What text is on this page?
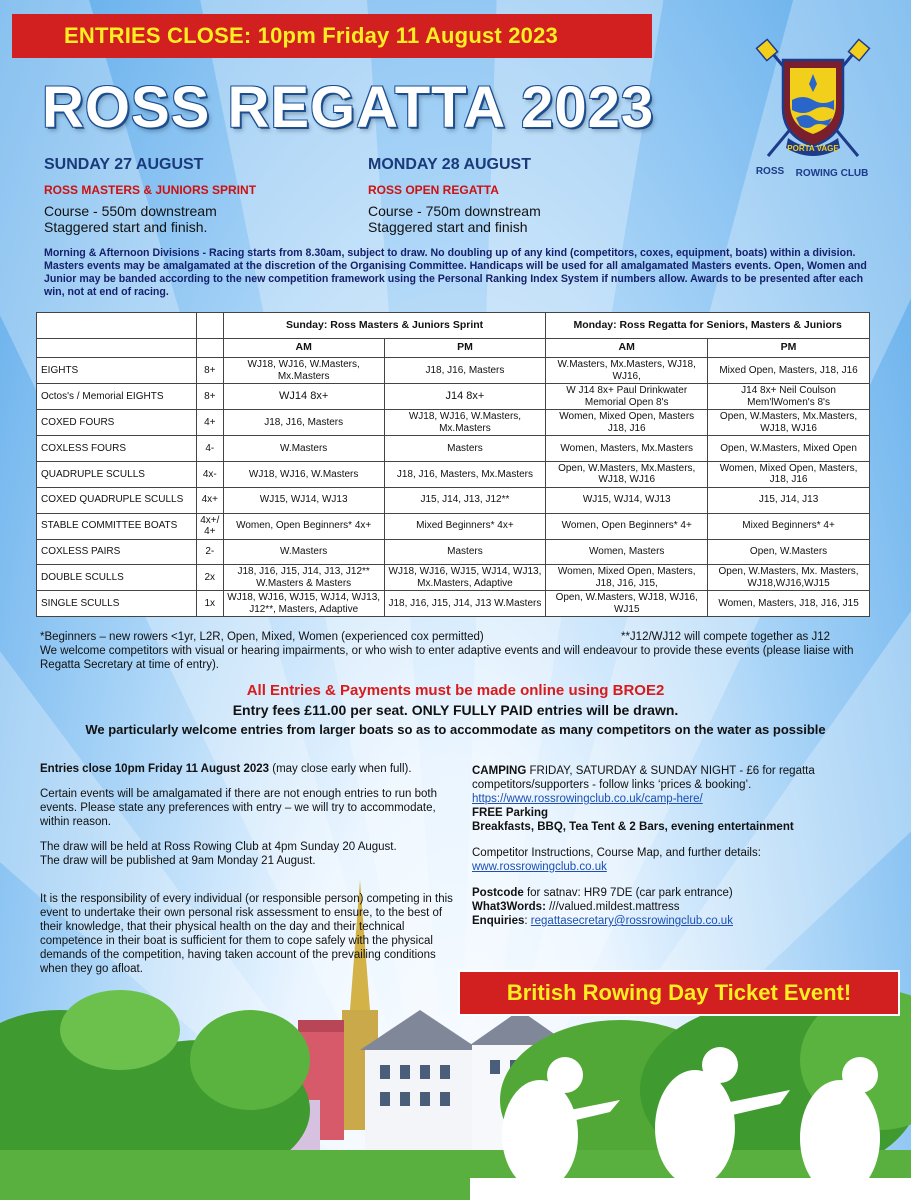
ENTRIES CLOSE: 10pm Friday 11 August 2023
ROSS REGATTA 2023
PORTA VAGE
ROSS ROWING CLUB
SUNDAY 27 AUGUST
ROSS MASTERS & JUNIORS SPRINT
Course - 550m downstream
Staggered start and finish.
MONDAY 28 AUGUST
ROSS OPEN REGATTA
Course - 750m downstream
Staggered start and finish
Morning & Afternoon Divisions - Racing starts from 8.30am, subject to draw. No doubling up of any kind (competitors, coxes, equipment, boats) within a division. Masters events may be amalgamated at the discretion of the Organising Committee. Handicaps will be used for all amalgamated Masters events. Open, Women and Junior may be banded according to the new competition framework using the Personal Ranking Index System if numbers allow. Awards to be presented after each win, not at end of racing.
		Sunday: Ross Masters & Juniors Sprint		Monday: Ross Regatta for Seniors, Masters & Juniors	
		AM	PM	AM	PM
EIGHTS	8+	WJ18, WJ16, W.Masters, Mx.Masters	J18, J16, Masters	W.Masters, Mx.Masters, WJ18, WJ16,	Mixed Open, Masters, J18, J16
Octos's / Memorial EIGHTS	8+	WJ14 8x+	J14 8x+	W J14 8x+ Paul Drinkwater Memorial Open 8's	J14 8x+ Neil Coulson Mem'lWomen's 8's
COXED FOURS	4+	J18, J16, Masters	WJ18, WJ16, W.Masters, Mx.Masters	Women, Mixed Open, Masters J18, J16	Open, W.Masters, Mx.Masters, WJ18, WJ16
COXLESS FOURS	4-	W.Masters	Masters	Women, Masters, Mx.Masters	Open, W.Masters, Mixed Open
QUADRUPLE SCULLS	4x-	WJ18, WJ16, W.Masters	J18, J16, Masters, Mx.Masters	Open, W.Masters, Mx.Masters, WJ18, WJ16	Women, Mixed Open, Masters, J18, J16
COXED QUADRUPLE SCULLS	4x+	WJ15, WJ14, WJ13	J15, J14, J13, J12**	WJ15, WJ14, WJ13	J15, J14, J13
STABLE COMMITTEE BOATS	4x+/ 4+	Women, Open Beginners* 4x+	Mixed Beginners* 4x+	Women, Open Beginners* 4+	Mixed Beginners* 4+
COXLESS PAIRS	2-	W.Masters	Masters	Women, Masters	Open, W.Masters
DOUBLE SCULLS	2x	J18, J16, J15, J14, J13, J12** W.Masters & Masters	WJ18, WJ16, WJ15, WJ14, WJ13, Mx.Masters, Adaptive	Women, Mixed Open, Masters, J18, J16, J15,	Open, W.Masters, Mx. Masters, WJ18,WJ16,WJ15
SINGLE SCULLS	1x	WJ18, WJ16, WJ15, WJ14, WJ13, J12**, Masters, Adaptive	J18, J16, J15, J14, J13 W.Masters	Open, W.Masters, WJ18, WJ16, WJ15	Women, Masters, J18, J16, J15
*Beginners – new rowers <1yr, L2R, Open, Mixed, Women (experienced cox permitted)	**J12/WJ12 will compete together as J12
We welcome competitors with visual or hearing impairments, or who wish to enter adaptive events and will endeavour to provide these events (please liaise with Regatta Secretary at time of entry).
All Entries & Payments must be made online using BROE2
Entry fees £11.00 per seat. ONLY FULLY PAID entries will be drawn.
We particularly welcome entries from larger boats so as to accommodate as many competitors on the water as possible

Entries close 10pm Friday 11 August 2023 (may close early when full).

Certain events will be amalgamated if there are not enough entries to run both events. Please state any preferences with entry – we will try to accommodate, within reason.

The draw will be held at Ross Rowing Club at 4pm Sunday 20 August.

The draw will be published at 9am Monday 21 August.

It is the responsibility of every individual (or responsible person) competing in this event to undertake their own personal risk assessment to ensure, to the best of their knowledge, that their physical health on the day and their technical competence in their boat is sufficient for them to cope safely with the physical demands of the competition, having taken account of the prevailing conditions when they go afloat.

CAMPING FRIDAY, SATURDAY & SUNDAY NIGHT - £6 for regatta competitors/supporters - follow links ‘prices & booking’.
https://www.rossrowingclub.co.uk/camp-here/
FREE Parking
Breakfasts, BBQ, Tea Tent & 2 Bars, evening entertainment
Competitor Instructions, Course Map, and further details:
www.rossrowingclub.co.uk
Postcode for satnav: HR9 7DE (car park entrance)
What3Words: ///valued.mildest.mattress
Enquiries: regattasecretary@rossrowingclub.co.uk
British Rowing Day Ticket Event!
